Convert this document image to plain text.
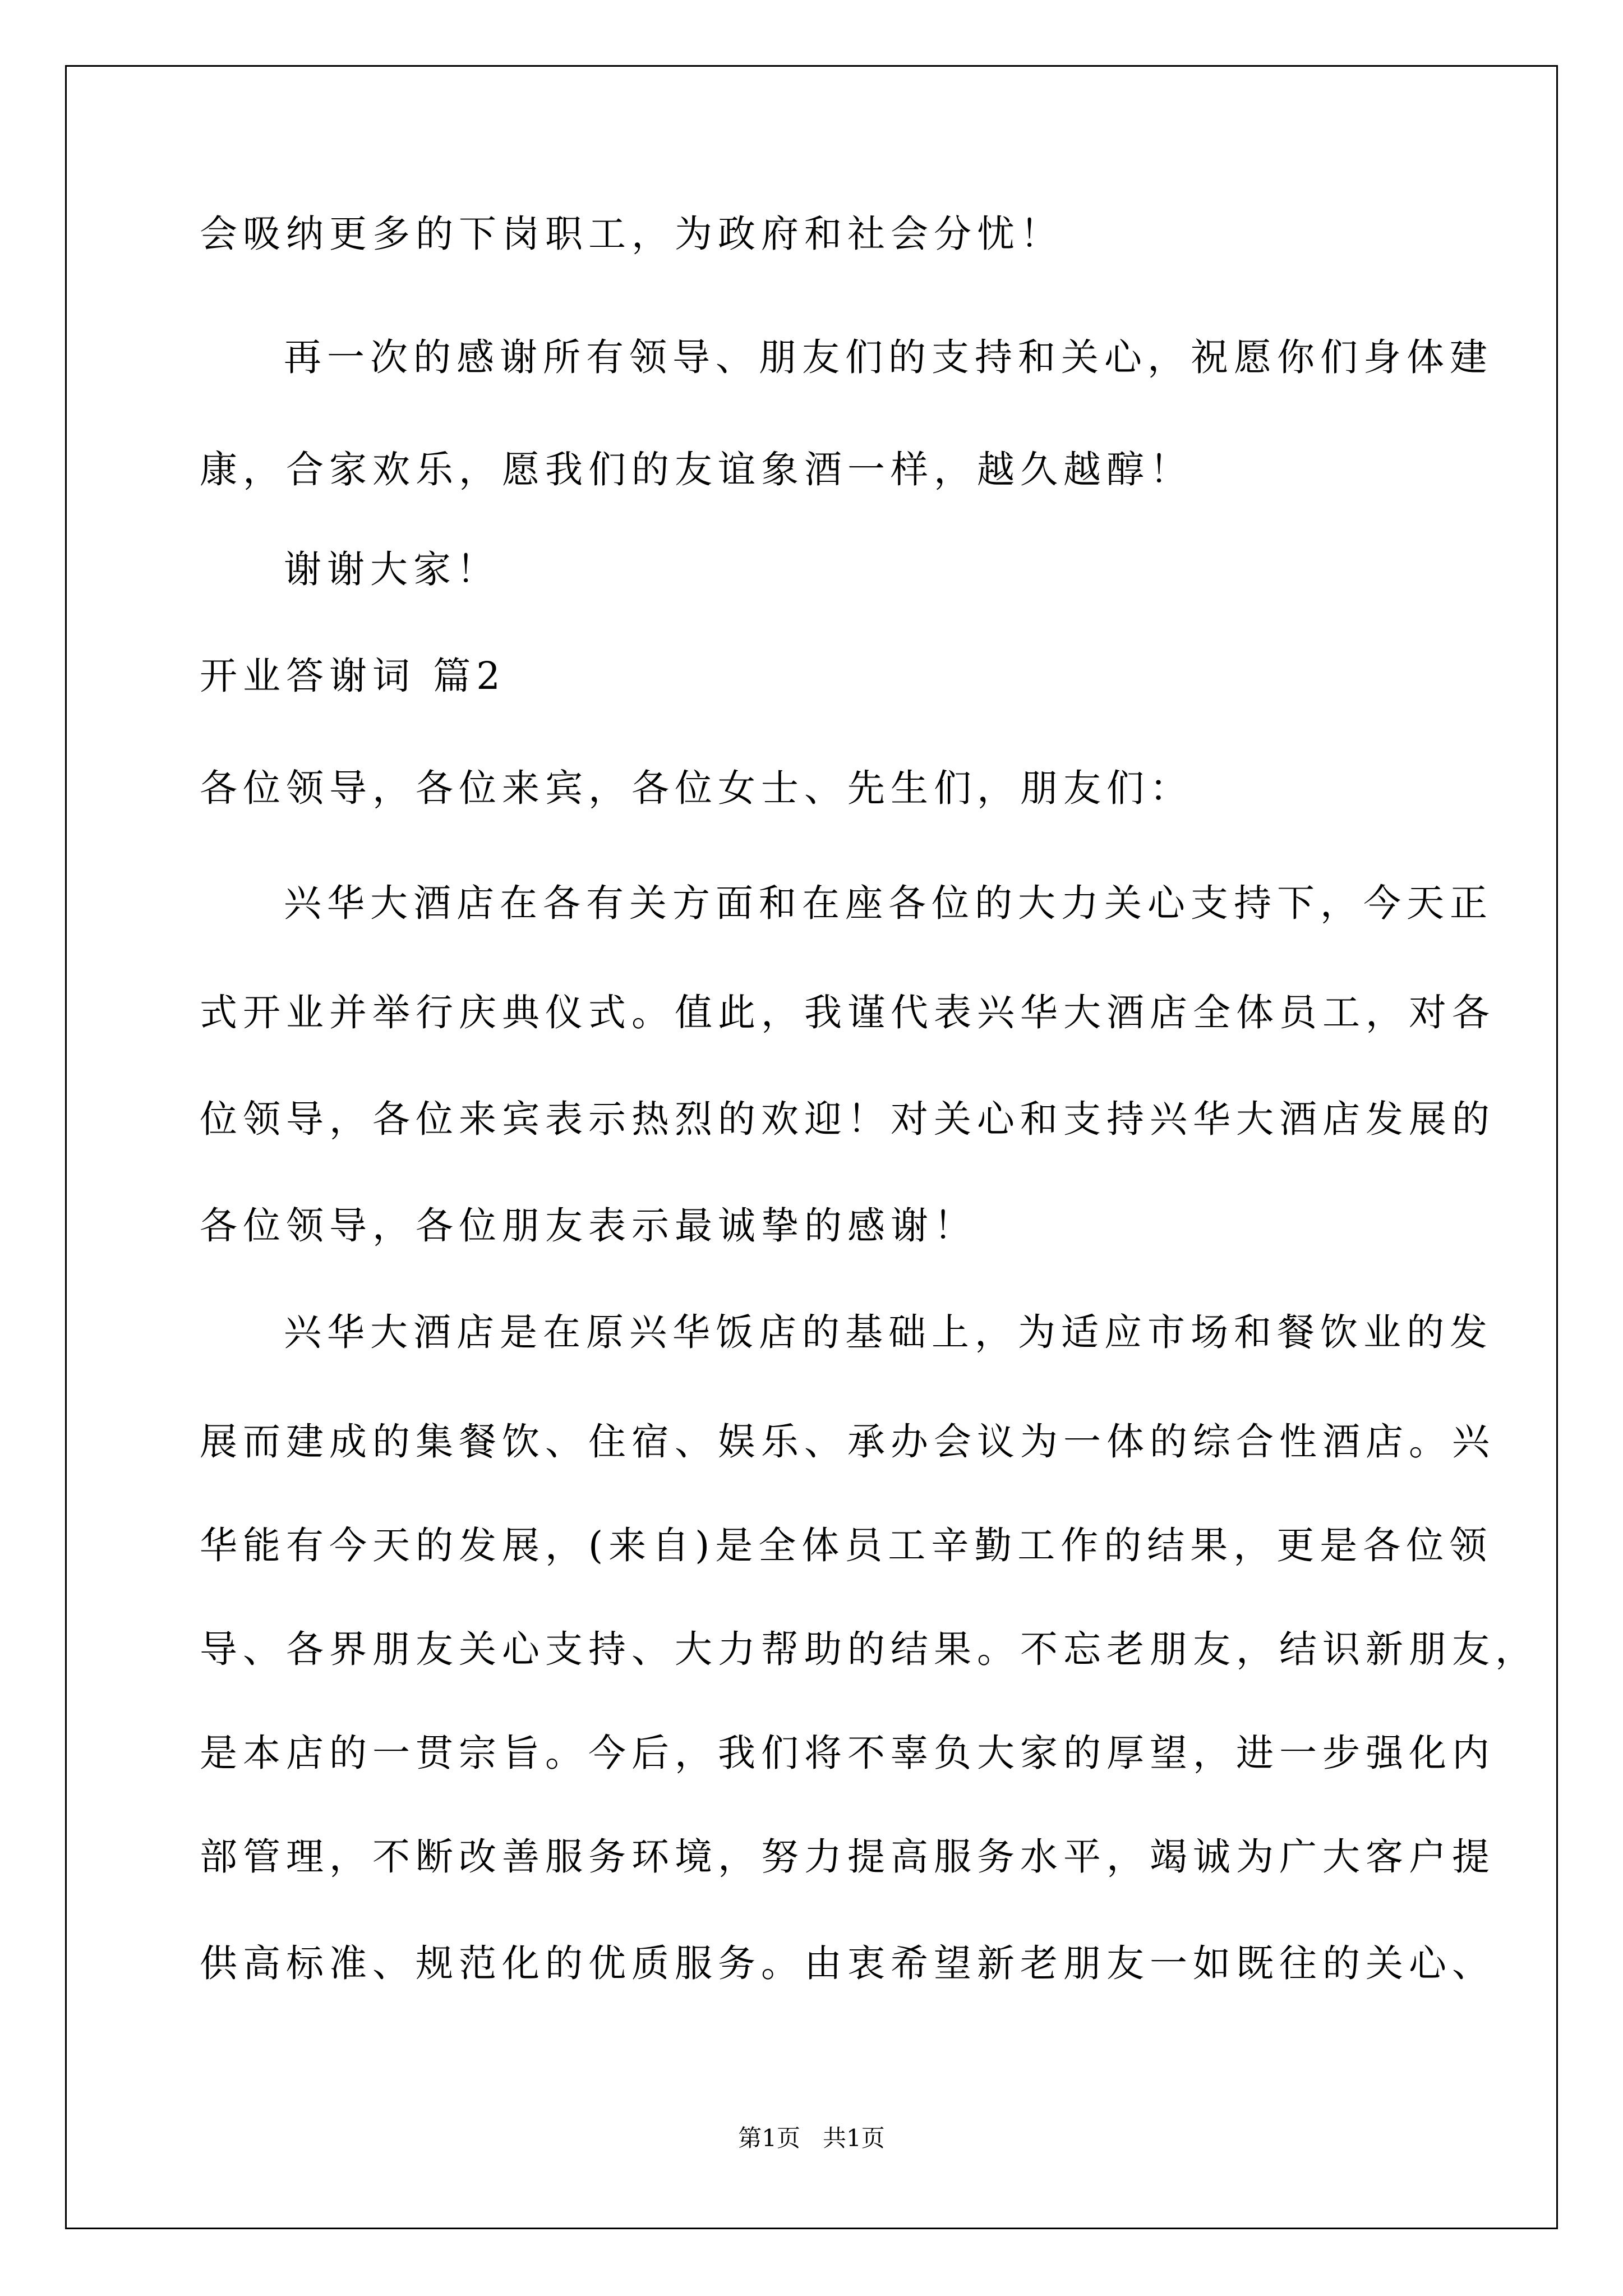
会吸纳更多的下岗职工，为政府和社会分忧！
再一次的感谢所有领导、朋友们的支持和关心，祝愿你们身体建
康，合家欢乐，愿我们的友谊象酒一样，越久越醇！
谢谢大家！
开业答谢词 篇2
各位领导，各位来宾，各位女士、先生们，朋友们：
兴华大酒店在各有关方面和在座各位的大力关心支持下，今天正
式开业并举行庆典仪式。值此，我谨代表兴华大酒店全体员工，对各
位领导，各位来宾表示热烈的欢迎！对关心和支持兴华大酒店发展的
各位领导，各位朋友表示最诚挚的感谢！
兴华大酒店是在原兴华饭店的基础上，为适应市场和餐饮业的发
展而建成的集餐饮、住宿、娱乐、承办会议为一体的综合性酒店。兴
华能有今天的发展，(来自)是全体员工辛勤工作的结果，更是各位领
导、各界朋友关心支持、大力帮助的结果。不忘老朋友，结识新朋友，
是本店的一贯宗旨。今后，我们将不辜负大家的厚望，进一步强化内
部管理，不断改善服务环境，努力提高服务水平，竭诚为广大客户提
供高标准、规范化的优质服务。由衷希望新老朋友一如既往的关心、
第1页   共1页
